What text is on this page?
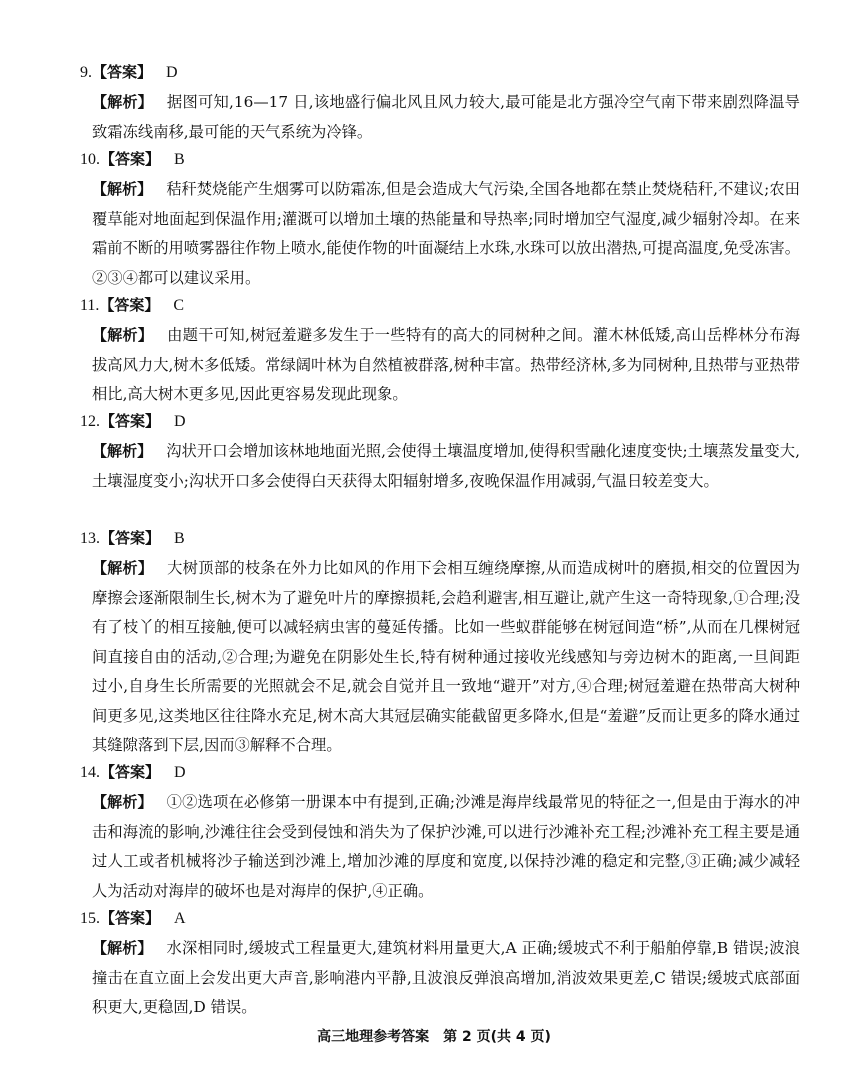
9.【答案】 D
【解析】 据图可知,16—17 日,该地盛行偏北风且风力较大,最可能是北方强冷空气南下带来剧烈降温导致霜冻线南移,最可能的天气系统为冷锋。
10.【答案】 B
【解析】 秸秆焚烧能产生烟雾可以防霜冻,但是会造成大气污染,全国各地都在禁止焚烧秸秆,不建议;农田覆草能对地面起到保温作用;灌溉可以增加土壤的热能量和导热率;同时增加空气湿度,减少辐射冷却。在来霜前不断的用喷雾器往作物上喷水,能使作物的叶面凝结上水珠,水珠可以放出潜热,可提高温度,免受冻害。②③④都可以建议采用。
11.【答案】 C
【解析】 由题干可知,树冠羞避多发生于一些特有的高大的同树种之间。灌木林低矮,高山岳桦林分布海拔高风力大,树木多低矮。常绿阔叶林为自然植被群落,树种丰富。热带经济林,多为同树种,且热带与亚热带相比,高大树木更多见,因此更容易发现此现象。
12.【答案】 D
【解析】 沟状开口会增加该林地地面光照,会使得土壤温度增加,使得积雪融化速度变快;土壤蒸发量变大,土壤湿度变小;沟状开口多会使得白天获得太阳辐射增多,夜晚保温作用减弱,气温日较差变大。
13.【答案】 B
【解析】 大树顶部的枝条在外力比如风的作用下会相互缠绕摩擦,从而造成树叶的磨损,相交的位置因为摩擦会逐渐限制生长,树木为了避免叶片的摩擦损耗,会趋利避害,相互避让,就产生这一奇特现象,①合理;没有了枝丫的相互接触,便可以减轻病虫害的蔓延传播。比如一些蚁群能够在树冠间造“桥”,从而在几棵树冠间直接自由的活动,②合理;为避免在阴影处生长,特有树种通过接收光线感知与旁边树木的距离,一旦间距过小,自身生长所需要的光照就会不足,就会自觉并且一致地“避开”对方,④合理;树冠羞避在热带高大树种间更多见,这类地区往往降水充足,树木高大其冠层确实能截留更多降水,但是“羞避”反而让更多的降水通过其缝隙落到下层,因而③解释不合理。
14.【答案】 D
【解析】 ①②选项在必修第一册课本中有提到,正确;沙滩是海岸线最常见的特征之一,但是由于海水的冲击和海流的影响,沙滩往往会受到侵蚀和消失为了保护沙滩,可以进行沙滩补充工程;沙滩补充工程主要是通过人工或者机械将沙子输送到沙滩上,增加沙滩的厚度和宽度,以保持沙滩的稳定和完整,③正确;减少减轻人为活动对海岸的破坏也是对海岸的保护,④正确。
15.【答案】 A
【解析】 水深相同时,缓坡式工程量更大,建筑材料用量更大,A 正确;缓坡式不利于船舶停靠,B 错误;波浪撞击在直立面上会发出更大声音,影响港内平静,且波浪反弹浪高增加,消波效果更差,C 错误;缓坡式底部面积更大,更稳固,D 错误。
高三地理参考答案　第 2 页(共 4 页)
